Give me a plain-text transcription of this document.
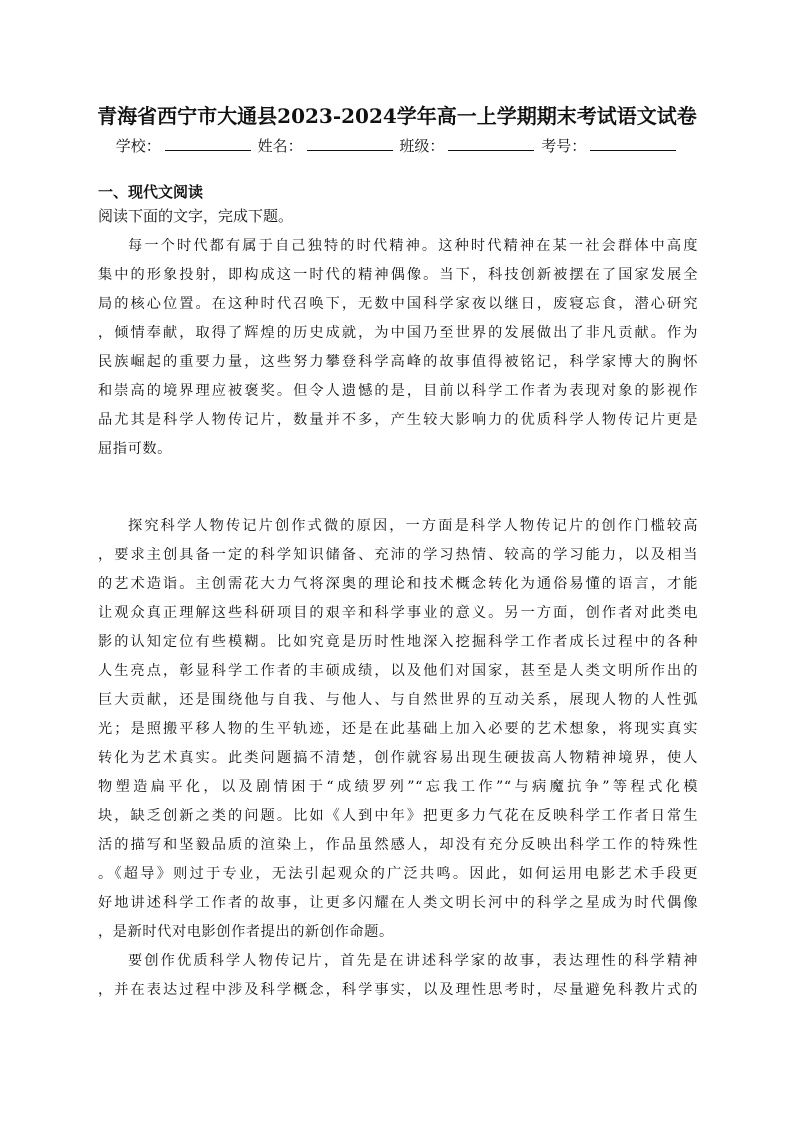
青海省西宁市大通县2023-2024学年高一上学期期末考试语文试卷
学校：	姓名：	班级：	考号：
一、现代文阅读
阅读下面的文字，完成下题。
每一个时代都有属于自己独特的时代精神。这种时代精神在某一社会群体中高度
集中的形象投射，即构成这一时代的精神偶像。当下，科技创新被摆在了国家发展全
局的核心位置。在这种时代召唤下，无数中国科学家夜以继日，废寝忘食，潜心研究
，倾情奉献，取得了辉煌的历史成就，为中国乃至世界的发展做出了非凡贡献。作为
民族崛起的重要力量，这些努力攀登科学高峰的故事值得被铭记，科学家博大的胸怀
和崇高的境界理应被褒奖。但令人遗憾的是，目前以科学工作者为表现对象的影视作
品尤其是科学人物传记片，数量并不多，产生较大影响力的优质科学人物传记片更是
屈指可数。
探究科学人物传记片创作式微的原因，一方面是科学人物传记片的创作门槛较高
，要求主创具备一定的科学知识储备、充沛的学习热情、较高的学习能力，以及相当
的艺术造诣。主创需花大力气将深奥的理论和技术概念转化为通俗易懂的语言，才能
让观众真正理解这些科研项目的艰辛和科学事业的意义。另一方面，创作者对此类电
影的认知定位有些模糊。比如究竟是历时性地深入挖掘科学工作者成长过程中的各种
人生亮点，彰显科学工作者的丰硕成绩，以及他们对国家，甚至是人类文明所作出的
巨大贡献，还是围绕他与自我、与他人、与自然世界的互动关系，展现人物的人性弧
光；是照搬平移人物的生平轨迹，还是在此基础上加入必要的艺术想象，将现实真实
转化为艺术真实。此类问题搞不清楚，创作就容易出现生硬拔高人物精神境界，使人
物塑造扁平化，以及剧情困于“成绩罗列”“忘我工作”“与病魔抗争”等程式化模
块，缺乏创新之类的问题。比如《人到中年》把更多力气花在反映科学工作者日常生
活的描写和坚毅品质的渲染上，作品虽然感人，却没有充分反映出科学工作的特殊性
。《超导》则过于专业，无法引起观众的广泛共鸣。因此，如何运用电影艺术手段更
好地讲述科学工作者的故事，让更多闪耀在人类文明长河中的科学之星成为时代偶像
，是新时代对电影创作者提出的新创作命题。
要创作优质科学人物传记片，首先是在讲述科学家的故事，表达理性的科学精神
，并在表达过程中涉及科学概念，科学事实，以及理性思考时，尽量避免科教片式的
